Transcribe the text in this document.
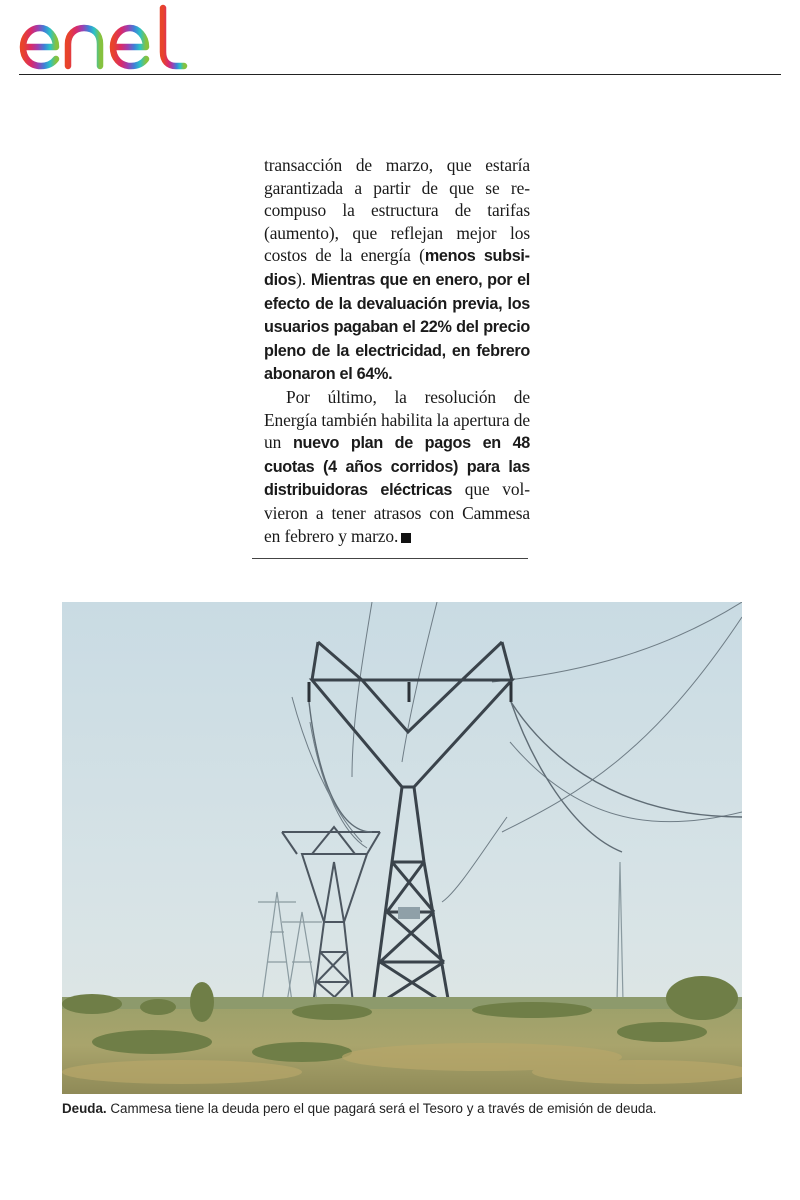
transacción de marzo, que estaría garantizada a partir de que se recompuso la estructura de tarifas (aumento), que reflejan mejor los costos de la energía (menos subsidios). Mientras que en enero, por el efecto de la devaluación previa, los usuarios pagaban el 22% del precio pleno de la electricidad, en febrero abonaron el 64%.

Por último, la resolución de Energía también habilita la apertura de un nuevo plan de pagos en 48 cuotas (4 años corridos) para las distribuidoras eléctricas que volvieron a tener atrasos con Cammesa en febrero y marzo.

Deuda. Cammesa tiene la deuda pero el que pagará será el Tesoro y a través de emisión de deuda.
